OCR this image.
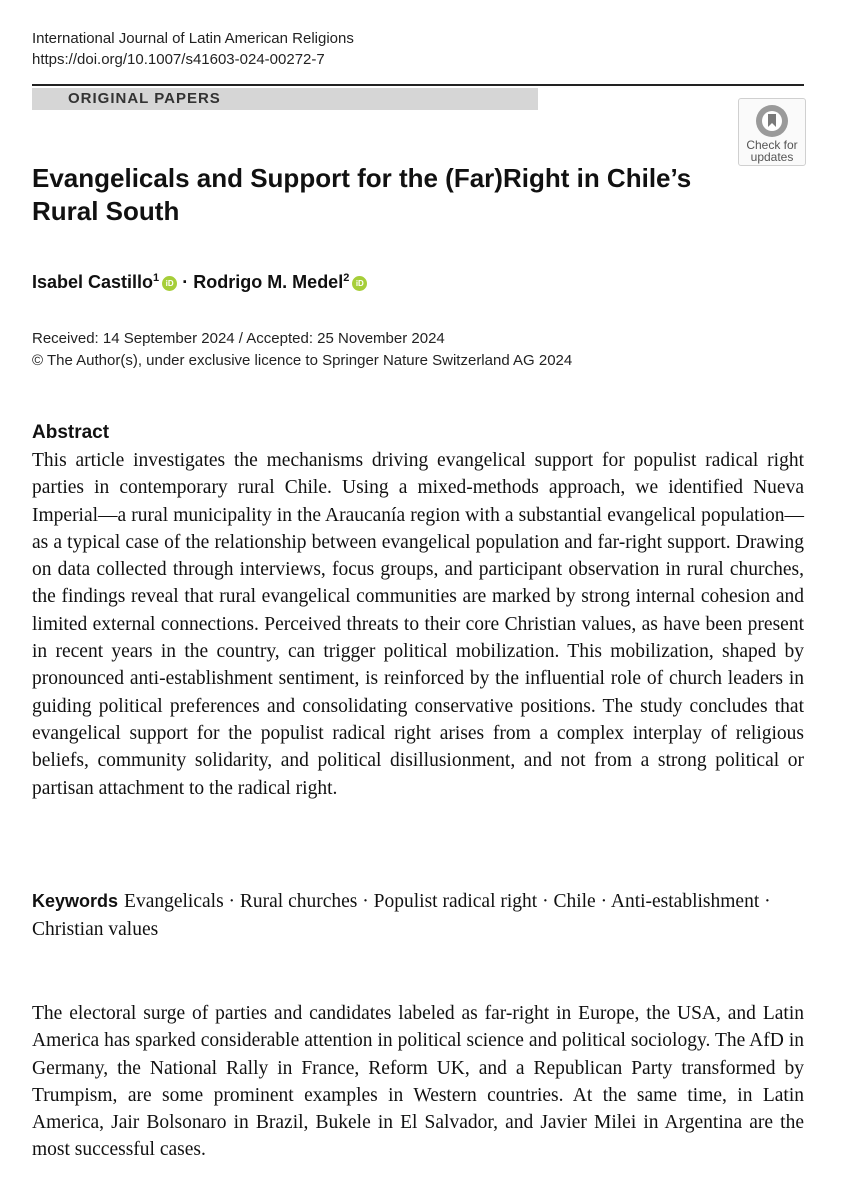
International Journal of Latin American Religions
https://doi.org/10.1007/s41603-024-00272-7
ORIGINAL PAPERS
Check for
updates
Evangelicals and Support for the (Far)Right in Chile’s Rural South
Isabel Castillo$^1$ iD · Rodrigo M. Medel$^2$ iD
Received: 14 September 2024 / Accepted: 25 November 2024
© The Author(s), under exclusive licence to Springer Nature Switzerland AG 2024
Abstract

This article investigates the mechanisms driving evangelical support for populist radical right parties in contemporary rural Chile. Using a mixed-methods approach, we identified Nueva Imperial—a rural municipality in the Araucanía region with a substantial evangelical population—as a typical case of the relationship between evangelical population and far-right support. Drawing on data collected through interviews, focus groups, and participant observation in rural churches, the findings reveal that rural evangelical communities are marked by strong internal cohesion and limited external connections. Perceived threats to their core Christian values, as have been present in recent years in the country, can trigger political mobilization. This mobilization, shaped by pronounced anti-establishment sentiment, is reinforced by the influential role of church leaders in guiding political preferences and consolidating conservative positions. The study concludes that evangelical support for the populist radical right arises from a complex interplay of religious beliefs, community solidarity, and political disillusionment, and not from a strong political or partisan attachment to the radical right.

Keywords Evangelicals · Rural churches · Populist radical right · Chile · Anti-establishment · Christian values

The electoral surge of parties and candidates labeled as far-right in Europe, the USA, and Latin America has sparked considerable attention in political science and political sociology. The AfD in Germany, the National Rally in France, Reform UK, and a Republican Party transformed by Trumpism, are some prominent examples in Western countries. At the same time, in Latin America, Jair Bolsonaro in Brazil, Bukele in El Salvador, and Javier Milei in Argentina are the most successful cases.
